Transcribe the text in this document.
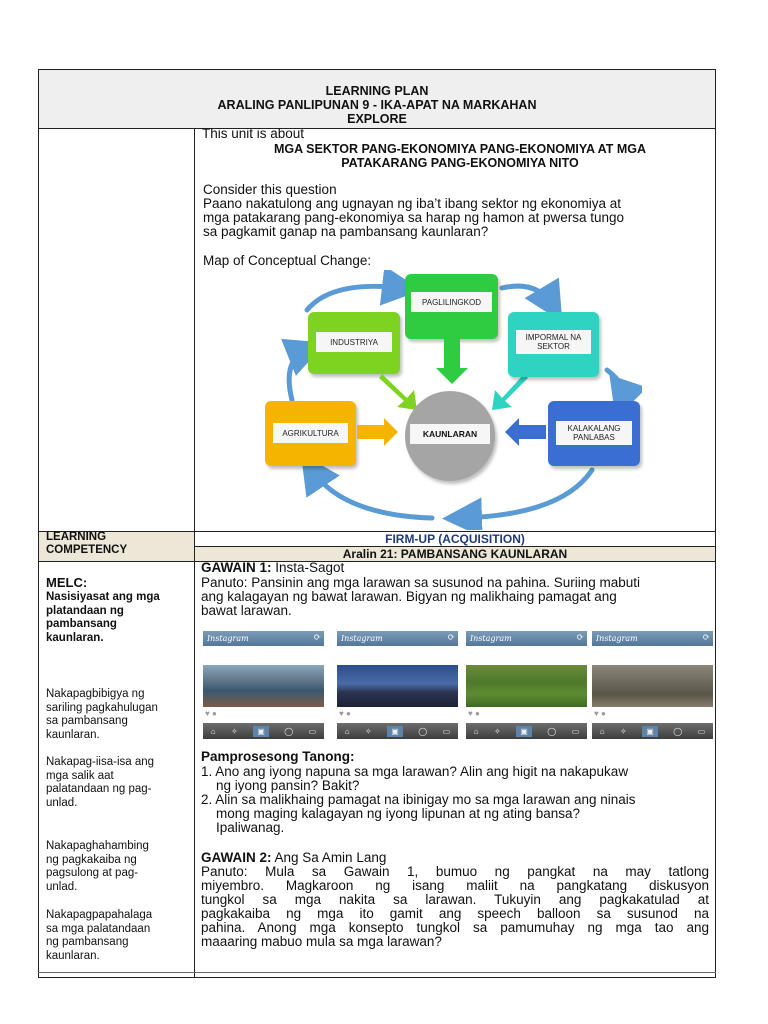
LEARNING PLAN
ARALING PANLIPUNAN 9 - IKA-APAT NA MARKAHAN
EXPLORE
This unit is about
MGA SEKTOR PANG-EKONOMIYA PANG-EKONOMIYA AT MGA
PATAKARANG PANG-EKONOMIYA NITO
Consider this question
Paano nakatulong ang ugnayan ng iba’t ibang sektor ng ekonomiya at
mga patakarang pang-ekonomiya sa harap ng hamon at pwersa tungo
sa pagkamit ganap na pambansang kaunlaran?
Map of Conceptual Change:
PAGLILINGKOD
INDUSTRIYA	IMPORMAL NA SEKTOR
AGRIKULTURA	KALAKALANG PANLABAS
KAUNLARAN
LEARNING
COMPETENCY
FIRM-UP (ACQUISITION)
Aralin 21: PAMBANSANG KAUNLARAN
MELC:
Nasisiyasat ang mga
platandaan ng
pambansang
kaunlaran.
Nakapagbibigya ng
sariling pagkahulugan
sa pambansang
kaunlaran.
Nakapag-iisa-isa ang
mga salik aat
palatandaan ng pag-
unlad.
Nakapaghahambing
ng pagkakaiba ng
pagsulong at pag-
unlad.
Nakapagpapahalaga
sa mga palatandaan
ng pambansang
kaunlaran.
GAWAIN 1: Insta-Sagot
Panuto: Pansinin ang mga larawan sa susunod na pahina. Suriing mabuti
ang kalagayan ng bawat larawan. Bigyan ng malikhaing pamagat ang
bawat larawan.
Instagram	⟳
♥ ●
⌂ ✧	▣	◯ ▭
Instagram	⟳
♥ ●
⌂ ✧	▣	◯ ▭
Instagram	⟳
♥ ●
⌂ ✧	▣	◯ ▭
Instagram	⟳
♥ ●
⌂ ✧	▣	◯ ▭
Pamprosesong Tanong:
1. Ano ang iyong napuna sa mga larawan? Alin ang higit na nakapukaw
ng iyong pansin? Bakit?
2. Alin sa malikhaing pamagat na ibinigay mo sa mga larawan ang ninais
mong maging kalagayan ng iyong lipunan at ng ating bansa?
Ipaliwanag.
GAWAIN 2: Ang Sa Amin Lang
Panuto: Mula sa Gawain 1, bumuo ng pangkat na may tatlong
miyembro. Magkaroon ng isang maliit na pangkatang diskusyon
tungkol sa mga nakita sa larawan. Tukuyin ang pagkakatulad at
pagkakaiba ng mga ito gamit ang speech balloon sa susunod na
pahina. Anong mga konsepto tungkol sa pamumuhay ng mga tao ang
maaaring mabuo mula sa mga larawan?
